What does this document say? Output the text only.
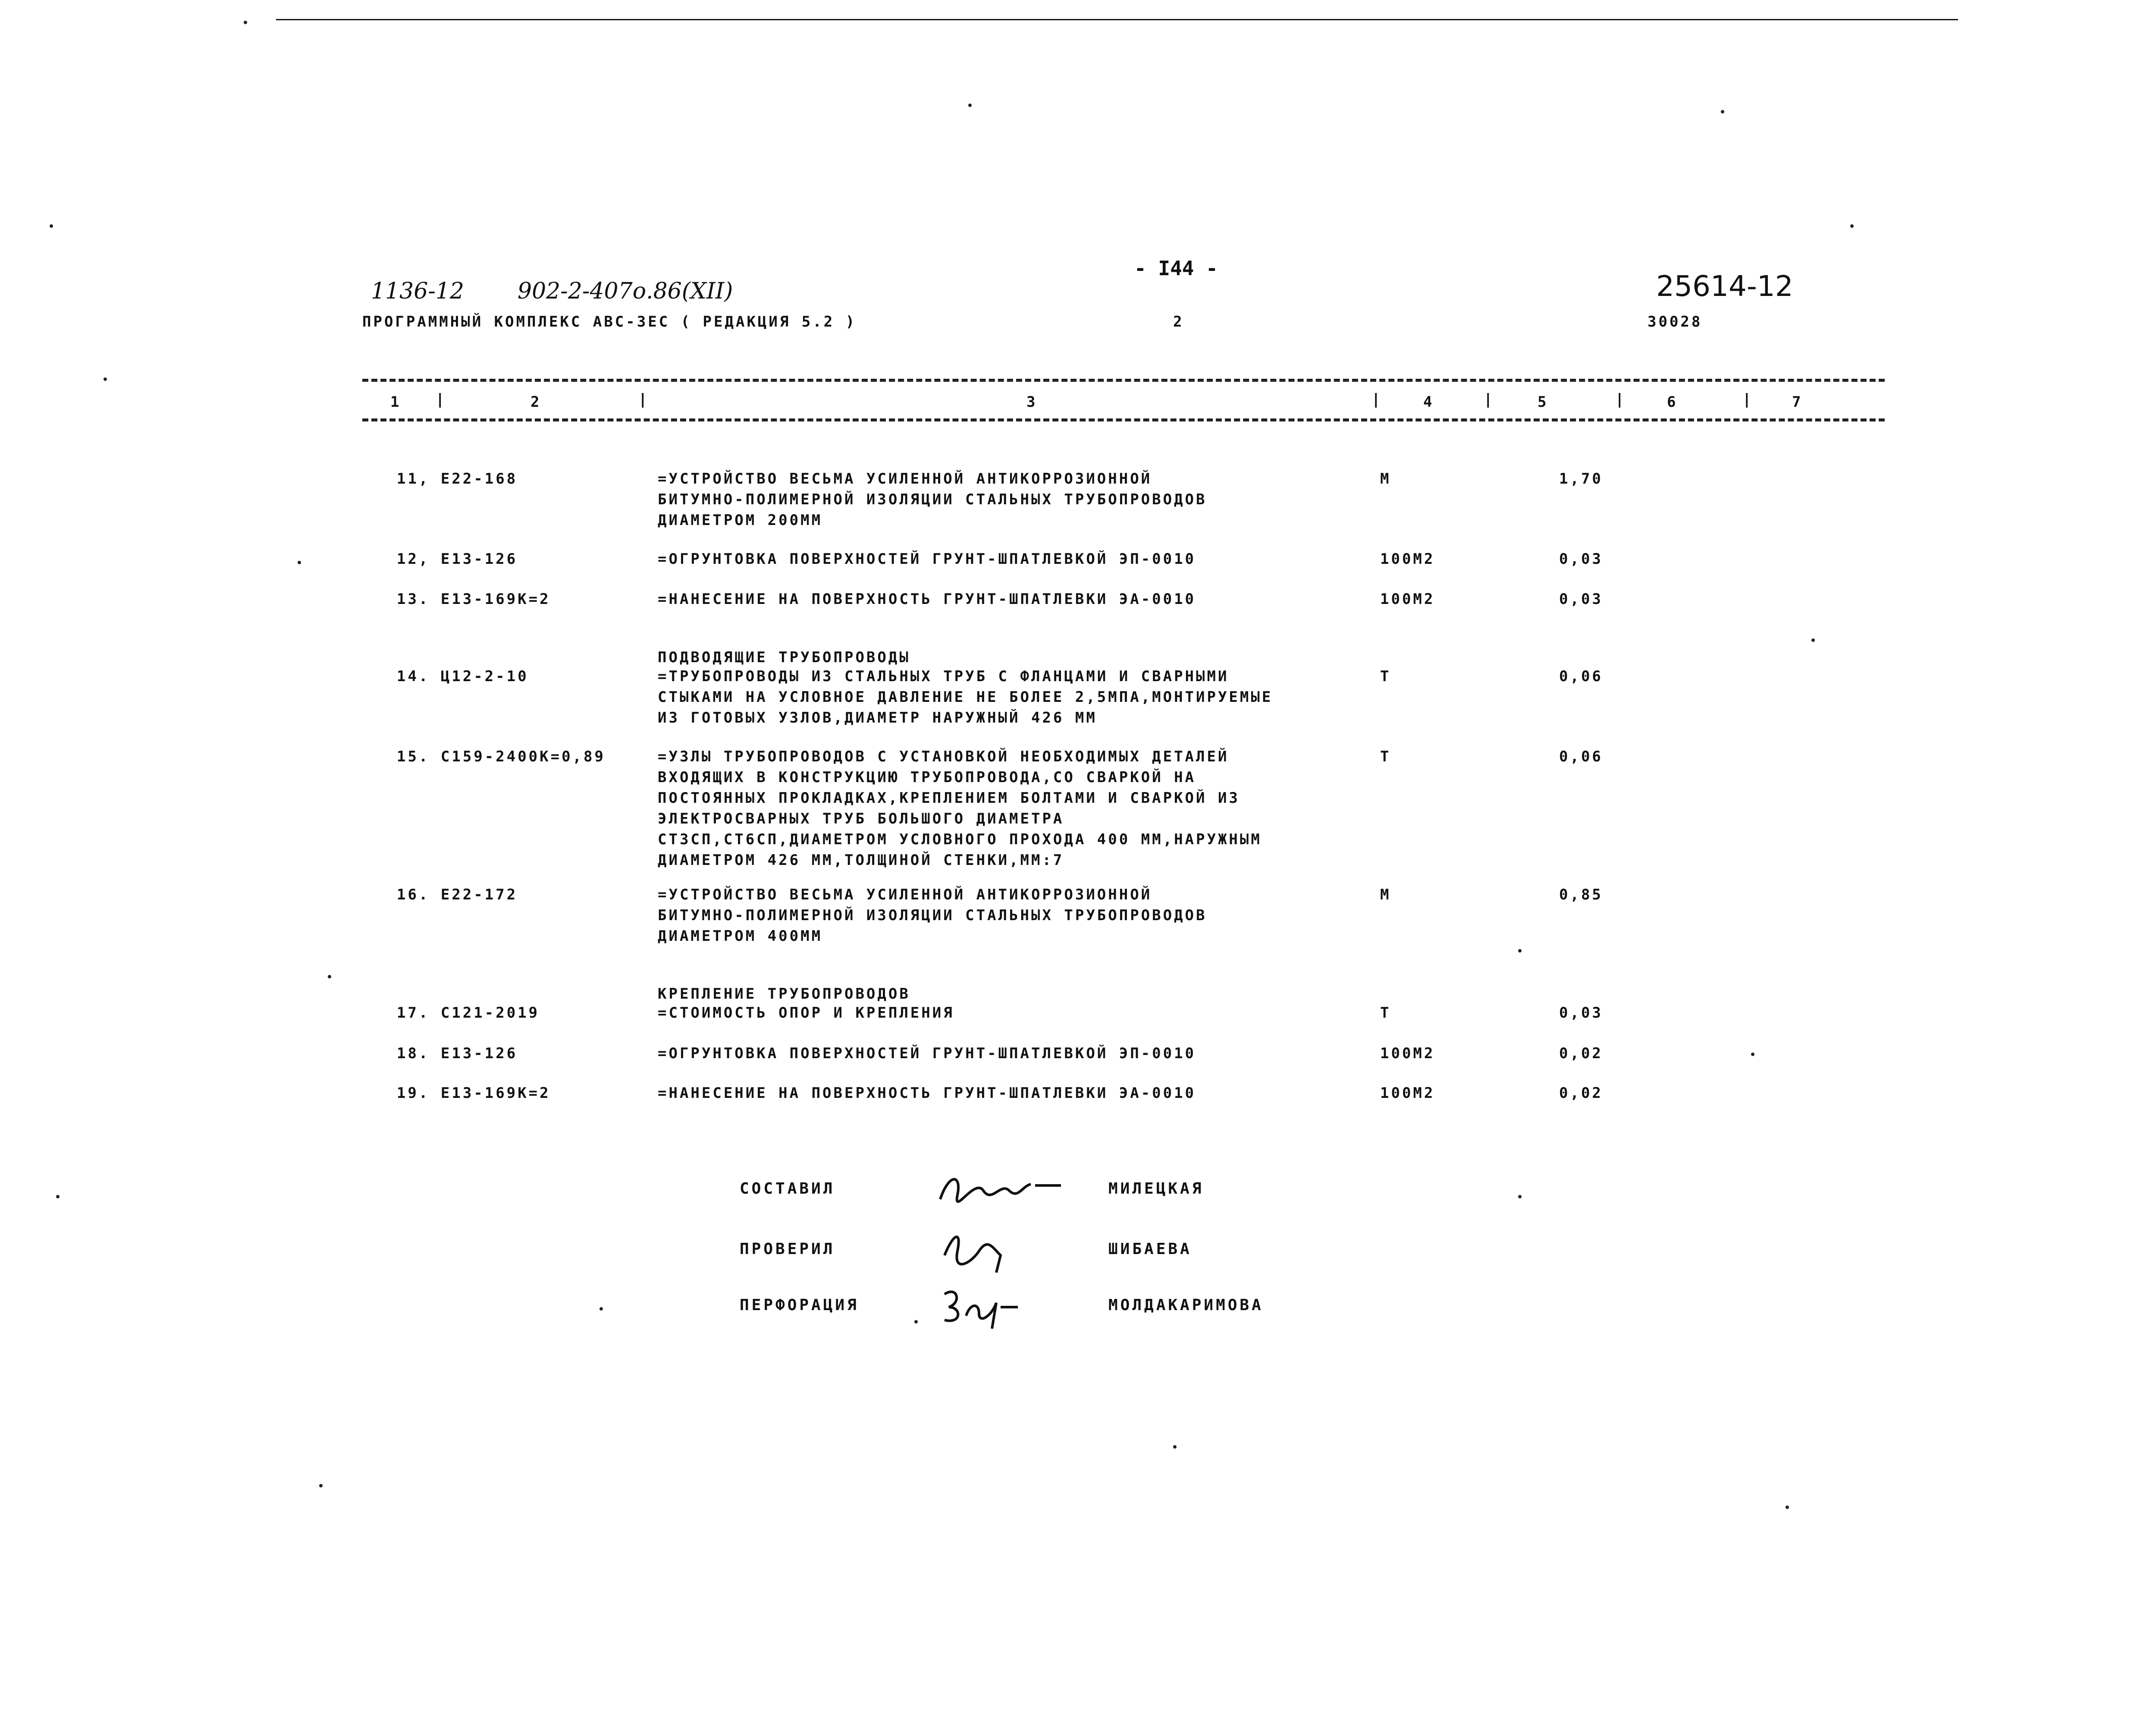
1136-12 902-2-407о.86(XII)
- I44 -
25614-12
ПРОГРАММНЫЙ КОМПЛЕКС АВС-3ЕС ( РЕДАКЦИЯ 5.2 )	2	30028
1	2	3	4	5	6	7
|	|	|	|	|	|
11, Е22-168	=УСТРОЙСТВО ВЕСЬМА УСИЛЕННОЙ АНТИКОРРОЗИОННОЙ
БИТУМНО-ПОЛИМЕРНОЙ ИЗОЛЯЦИИ СТАЛЬНЫХ ТРУБОПРОВОДОВ
ДИАМЕТРОМ 200ММ
М	1,70
12, Е13-126	=ОГРУНТОВКА ПОВЕРХНОСТЕЙ ГРУНТ-ШПАТЛЕВКОЙ ЭП-0010	100М2	0,03
13. Е13-169К=2	=НАНЕСЕНИЕ НА ПОВЕРХНОСТЬ ГРУНТ-ШПАТЛЕВКИ ЭА-0010	100М2	0,03
ПОДВОДЯЩИЕ ТРУБОПРОВОДЫ
14. Ц12-2-10	=ТРУБОПРОВОДЫ ИЗ СТАЛЬНЫХ ТРУБ С ФЛАНЦАМИ И СВАРНЫМИ
СТЫКАМИ НА УСЛОВНОЕ ДАВЛЕНИЕ НЕ БОЛЕЕ 2,5МПА,МОНТИРУЕМЫЕ
ИЗ ГОТОВЫХ УЗЛОВ,ДИАМЕТР НАРУЖНЫЙ 426 ММ
Т	0,06
15. С159-2400К=0,89	=УЗЛЫ ТРУБОПРОВОДОВ С УСТАНОВКОЙ НЕОБХОДИМЫХ ДЕТАЛЕЙ
ВХОДЯЩИХ В КОНСТРУКЦИЮ ТРУБОПРОВОДА,СО СВАРКОЙ НА
ПОСТОЯННЫХ ПРОКЛАДКАХ,КРЕПЛЕНИЕМ БОЛТАМИ И СВАРКОЙ ИЗ
ЭЛЕКТРОСВАРНЫХ ТРУБ БОЛЬШОГО ДИАМЕТРА
СТ3СП,СТ6СП,ДИАМЕТРОМ УСЛОВНОГО ПРОХОДА 400 ММ,НАРУЖНЫМ
ДИАМЕТРОМ 426 ММ,ТОЛЩИНОЙ СТЕНКИ,ММ:7
Т	0,06
16. Е22-172	=УСТРОЙСТВО ВЕСЬМА УСИЛЕННОЙ АНТИКОРРОЗИОННОЙ
БИТУМНО-ПОЛИМЕРНОЙ ИЗОЛЯЦИИ СТАЛЬНЫХ ТРУБОПРОВОДОВ
ДИАМЕТРОМ 400ММ
М	0,85
КРЕПЛЕНИЕ ТРУБОПРОВОДОВ
17. С121-2019	=СТОИМОСТЬ ОПОР И КРЕПЛЕНИЯ	Т	0,03
18. Е13-126	=ОГРУНТОВКА ПОВЕРХНОСТЕЙ ГРУНТ-ШПАТЛЕВКОЙ ЭП-0010	100М2	0,02
19. Е13-169К=2	=НАНЕСЕНИЕ НА ПОВЕРХНОСТЬ ГРУНТ-ШПАТЛЕВКИ ЭА-0010	100М2	0,02
СОСТАВИЛ	МИЛЕЦКАЯ
ПРОВЕРИЛ	ШИБАЕВА
ПЕРФОРАЦИЯ	МОЛДАКАРИМОВА
